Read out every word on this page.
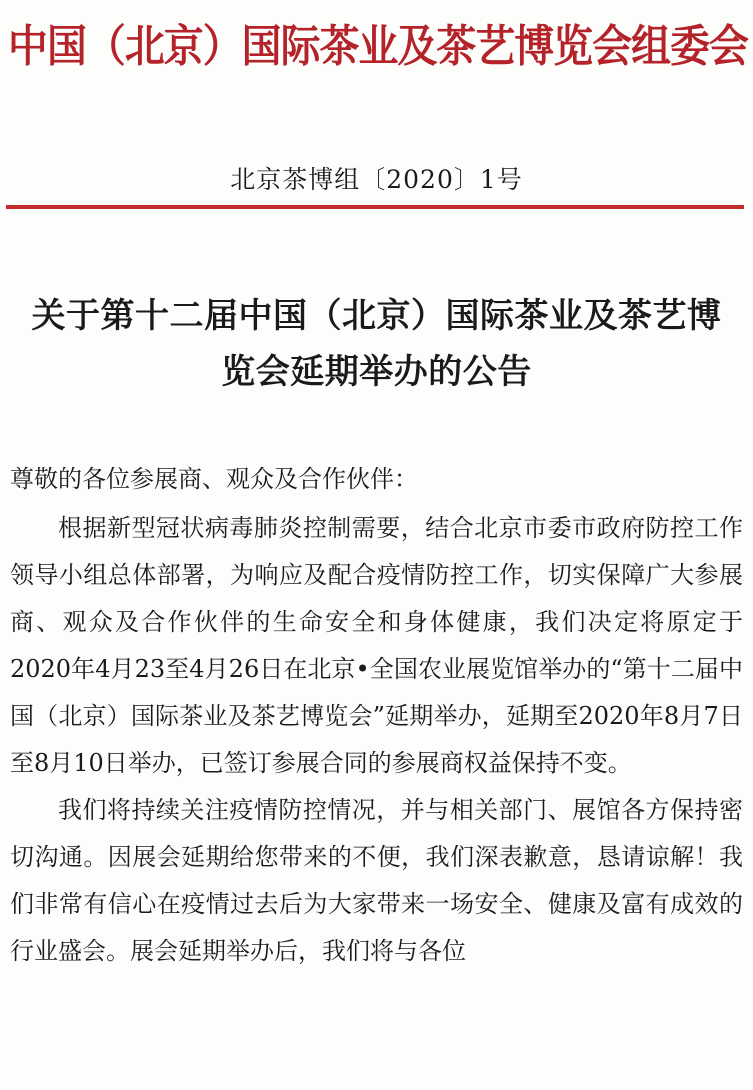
中国（北京）国际茶业及茶艺博览会组委会
北京茶博组〔2020〕1号
关于第十二届中国（北京）国际茶业及茶艺博
览会延期举办的公告

尊敬的各位参展商、观众及合作伙伴：

根据新型冠状病毒肺炎控制需要，结合北京市委市政府防控工作领导小组总体部署，为响应及配合疫情防控工作，切实保障广大参展商、观众及合作伙伴的生命安全和身体健康，我们决定将原定于2020年4月23至4月26日在北京•全国农业展览馆举办的“第十二届中国（北京）国际茶业及茶艺博览会”延期举办，延期至2020年8月7日至8月10日举办，已签订参展合同的参展商权益保持不变。

我们将持续关注疫情防控情况，并与相关部门、展馆各方保持密切沟通。因展会延期给您带来的不便，我们深表歉意，恳请谅解！我们非常有信心在疫情过去后为大家带来一场安全、健康及富有成效的行业盛会。展会延期举办后，我们将与各位
